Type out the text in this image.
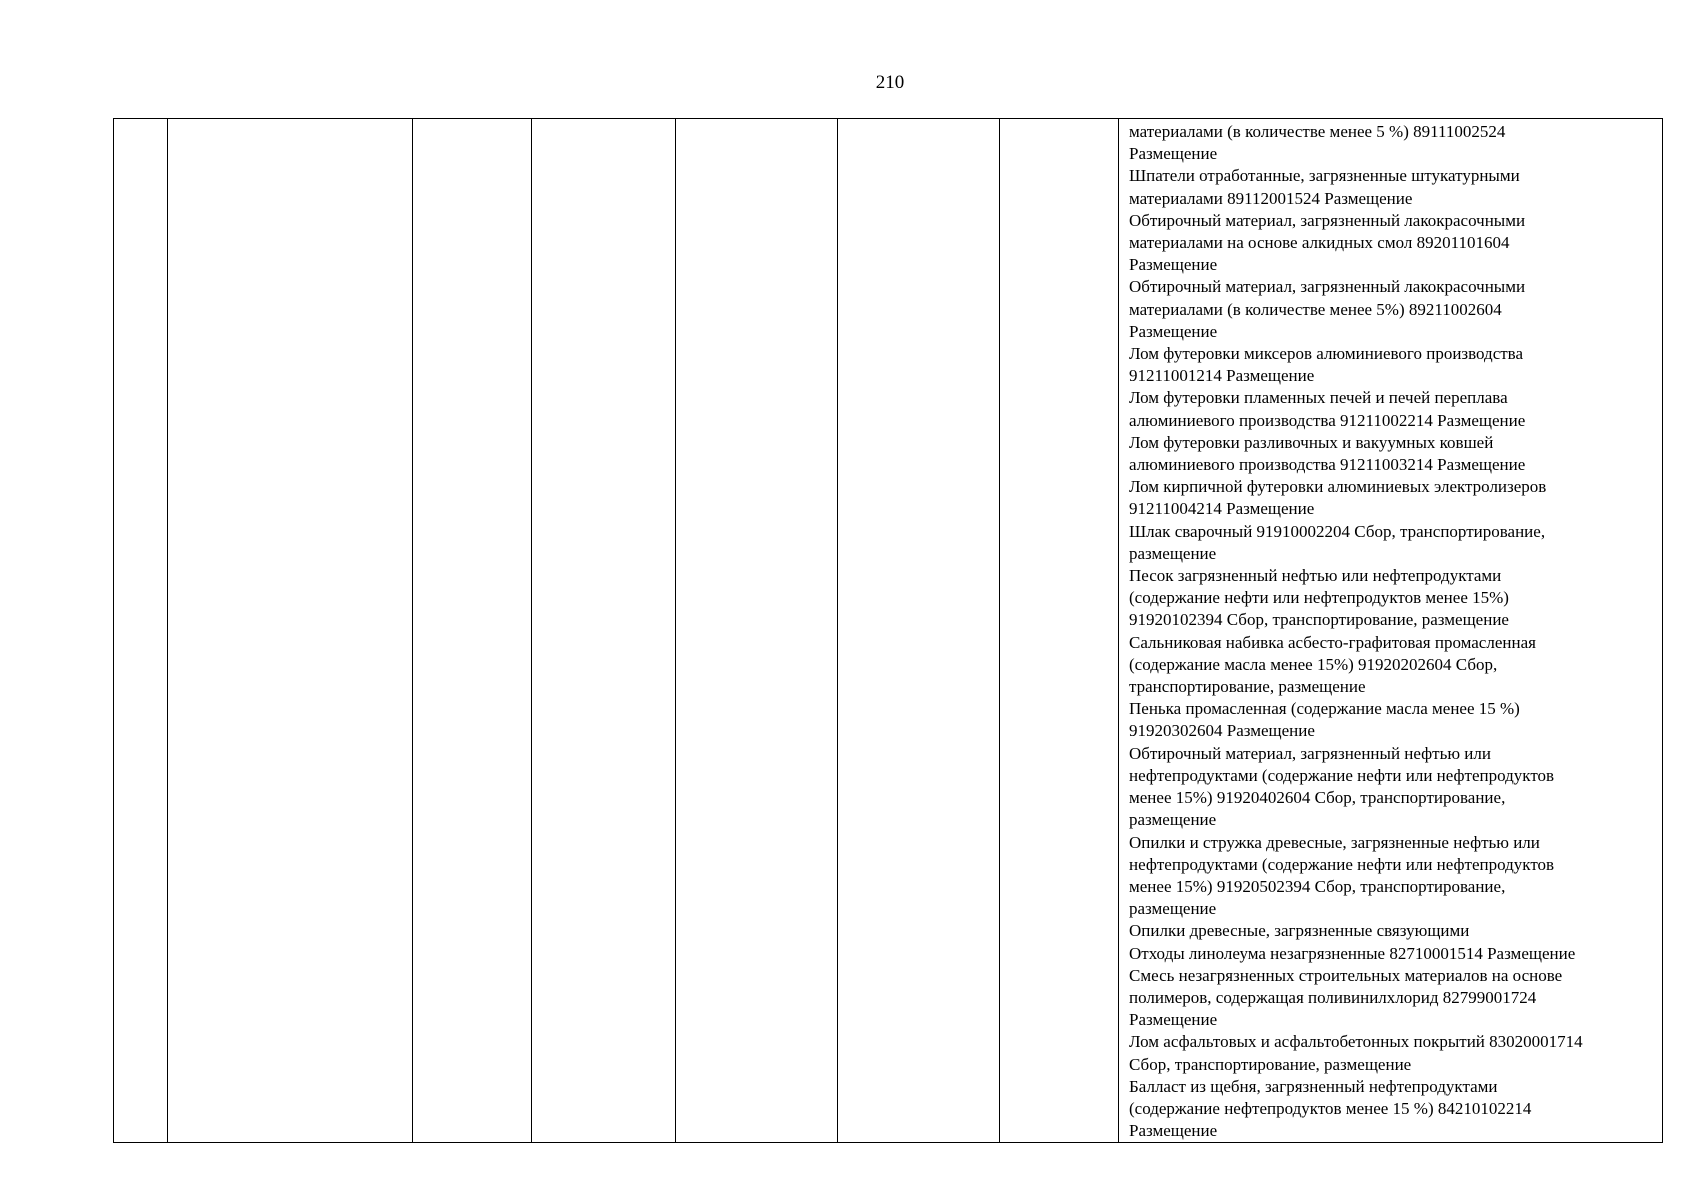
210

материалами (в количестве менее 5 %) 89111002524
Размещение
Шпатели отработанные, загрязненные штукатурными
материалами 89112001524 Размещение
Обтирочный материал, загрязненный лакокрасочными
материалами на основе алкидных смол 89201101604
Размещение
Обтирочный материал, загрязненный лакокрасочными
материалами (в количестве менее 5%) 89211002604
Размещение
Лом футеровки миксеров алюминиевого производства
91211001214 Размещение
Лом футеровки пламенных печей и печей переплава
алюминиевого производства 91211002214 Размещение
Лом футеровки разливочных и вакуумных ковшей
алюминиевого производства 91211003214 Размещение
Лом кирпичной футеровки алюминиевых электролизеров
91211004214 Размещение
Шлак сварочный 91910002204 Сбор, транспортирование,
размещение
Песок загрязненный нефтью или нефтепродуктами
(содержание нефти или нефтепродуктов менее 15%)
91920102394 Сбор, транспортирование, размещение
Сальниковая набивка асбесто-графитовая промасленная
(содержание масла менее 15%) 91920202604 Сбор,
транспортирование, размещение
Пенька промасленная (содержание масла менее 15 %)
91920302604 Размещение
Обтирочный материал, загрязненный нефтью или
нефтепродуктами (содержание нефти или нефтепродуктов
менее 15%) 91920402604 Сбор, транспортирование,
размещение
Опилки и стружка древесные, загрязненные нефтью или
нефтепродуктами (содержание нефти или нефтепродуктов
менее 15%) 91920502394 Сбор, транспортирование,
размещение
Опилки древесные, загрязненные связующими
Отходы линолеума незагрязненные 82710001514 Размещение
Смесь незагрязненных строительных материалов на основе
полимеров, содержащая поливинилхлорид 82799001724
Размещение
Лом асфальтовых и асфальтобетонных покрытий 83020001714
Сбор, транспортирование, размещение
Балласт из щебня, загрязненный нефтепродуктами
(содержание нефтепродуктов менее 15 %) 84210102214
Размещение
